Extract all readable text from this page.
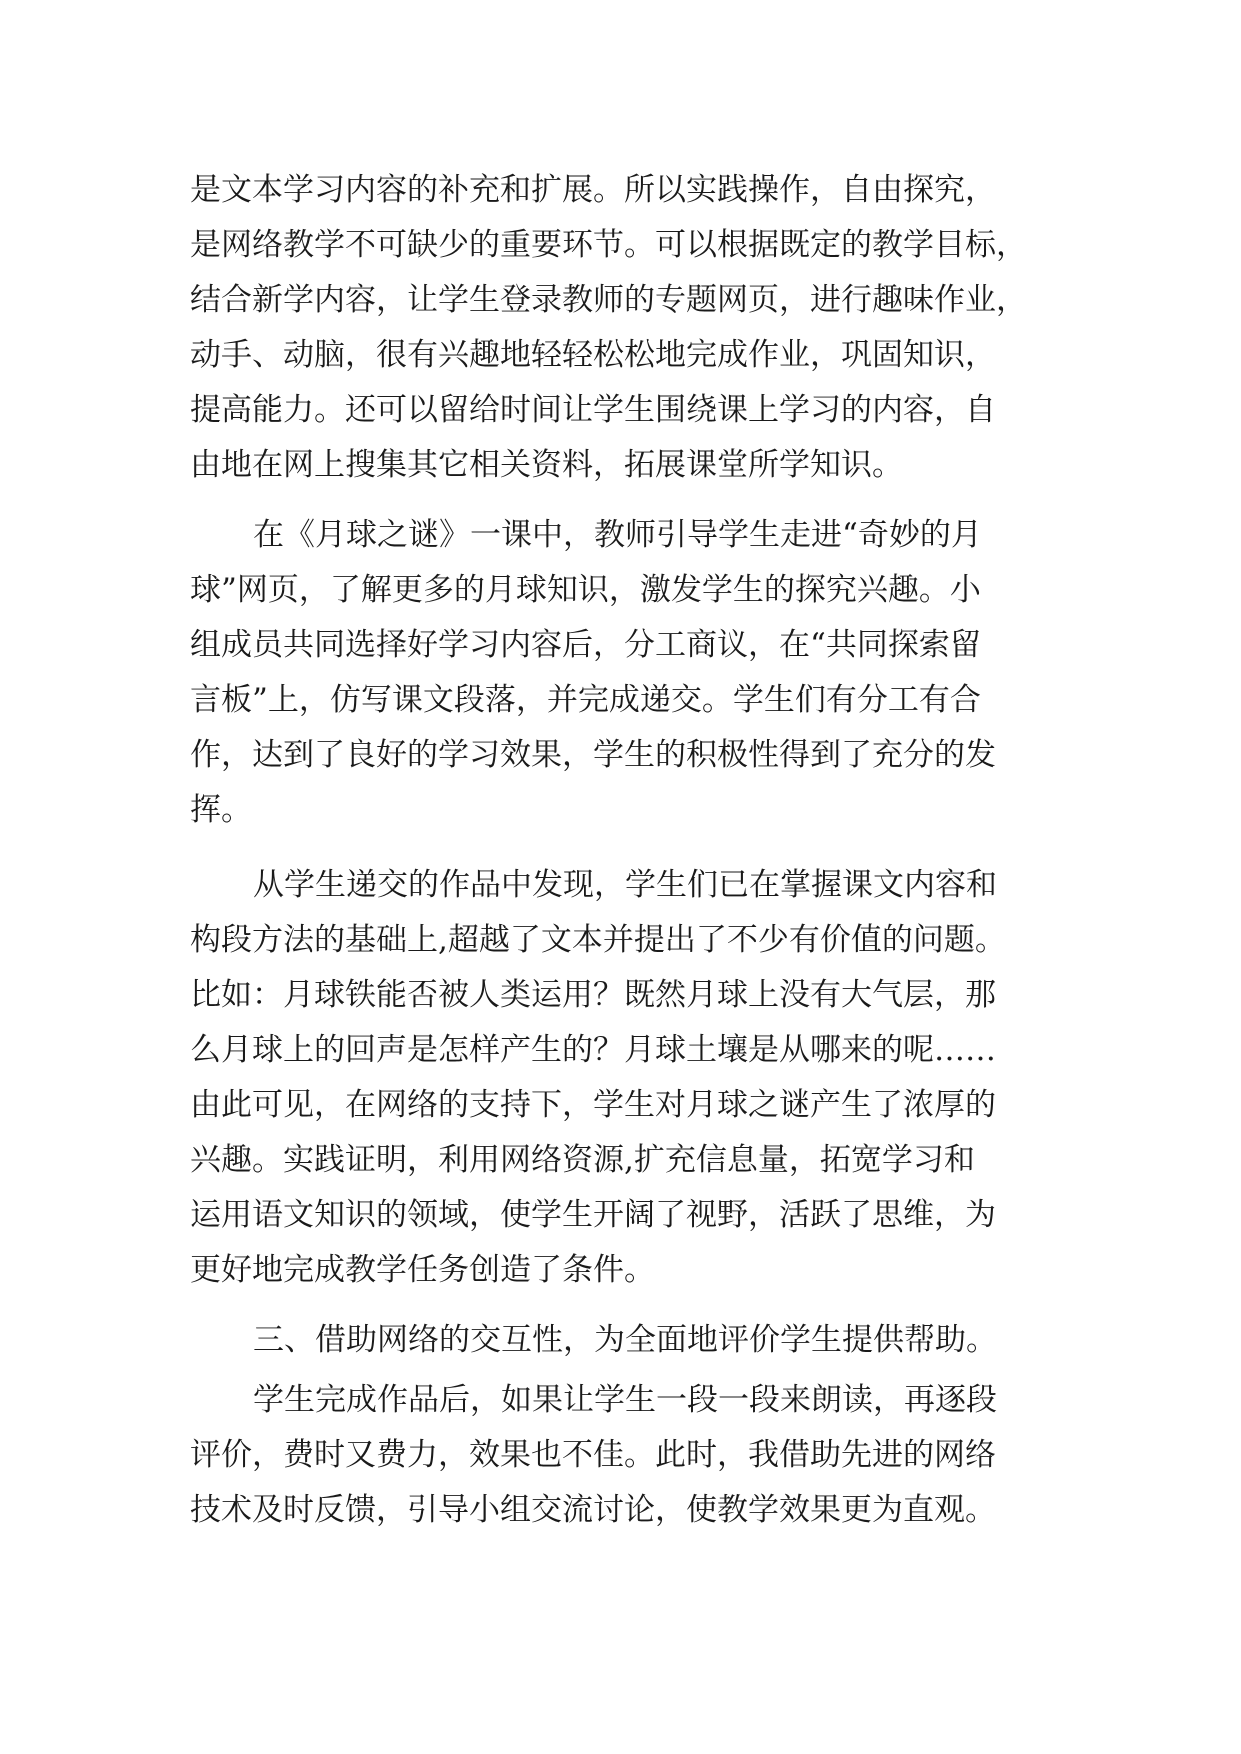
是文本学习内容的补充和扩展。所以实践操作，自由探究，
是网络教学不可缺少的重要环节。可以根据既定的教学目标，
结合新学内容，让学生登录教师的专题网页，进行趣味作业，
动手、动脑，很有兴趣地轻轻松松地完成作业，巩固知识，
提高能力。还可以留给时间让学生围绕课上学习的内容，自
由地在网上搜集其它相关资料，拓展课堂所学知识。
在《月球之谜》一课中，教师引导学生走进“奇妙的月
球”网页，了解更多的月球知识，激发学生的探究兴趣。小
组成员共同选择好学习内容后，分工商议，在“共同探索留
言板”上，仿写课文段落，并完成递交。学生们有分工有合
作，达到了良好的学习效果，学生的积极性得到了充分的发
挥。
从学生递交的作品中发现，学生们已在掌握课文内容和
构段方法的基础上,超越了文本并提出了不少有价值的问题。
比如：月球铁能否被人类运用？既然月球上没有大气层，那
么月球上的回声是怎样产生的？月球土壤是从哪来的呢……
由此可见，在网络的支持下，学生对月球之谜产生了浓厚的
兴趣。实践证明，利用网络资源,扩充信息量，拓宽学习和
运用语文知识的领域，使学生开阔了视野，活跃了思维，为
更好地完成教学任务创造了条件。
三、借助网络的交互性，为全面地评价学生提供帮助。
学生完成作品后，如果让学生一段一段来朗读，再逐段
评价，费时又费力，效果也不佳。此时，我借助先进的网络
技术及时反馈，引导小组交流讨论，使教学效果更为直观。
